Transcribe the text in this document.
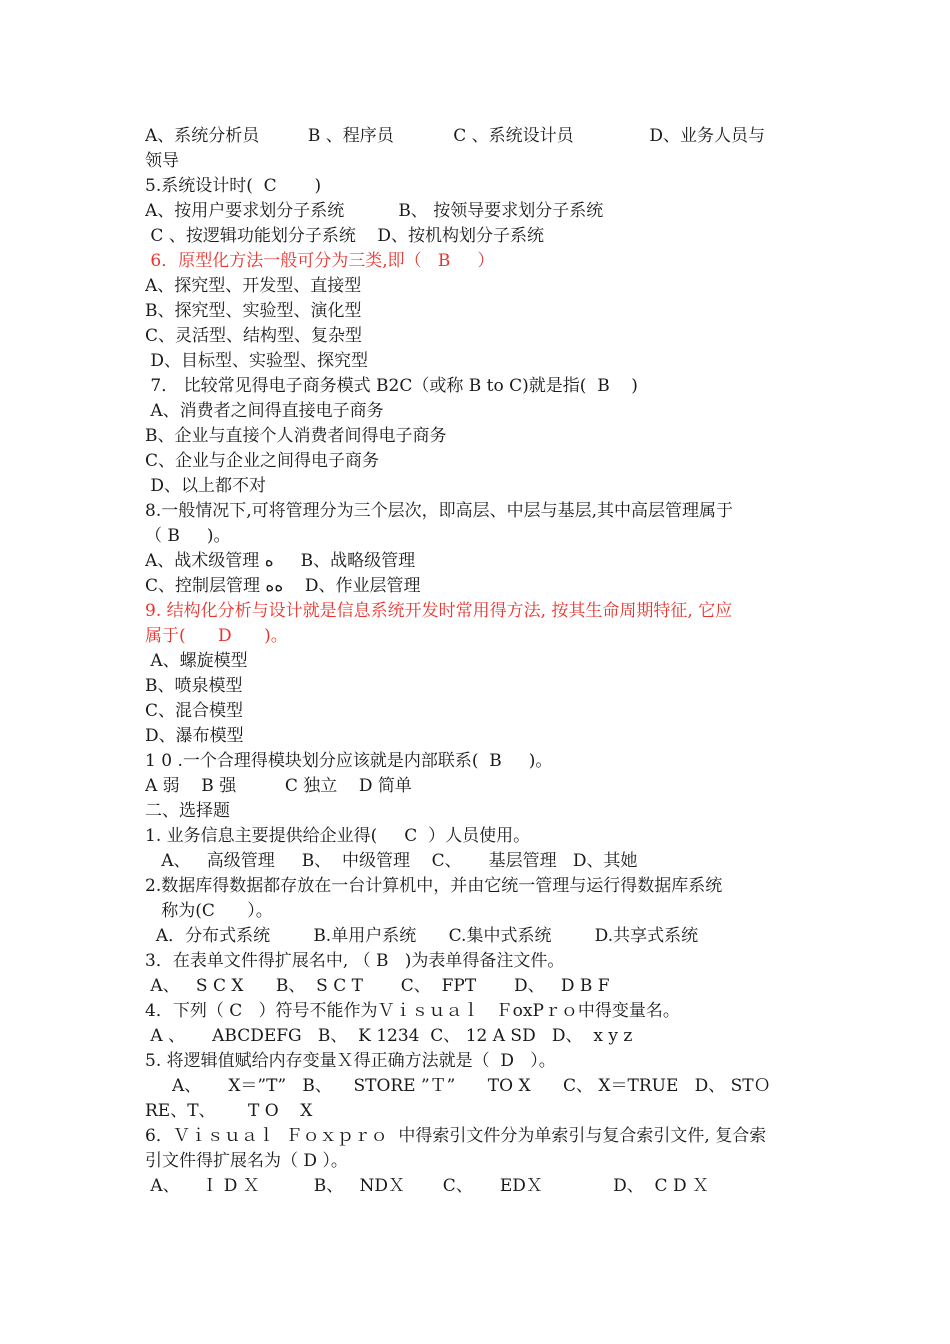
A、系统分析员         B 、程序员           C 、系统设计员              D、业务人员与
领导
5.系统设计时(  C       )
A、按用户要求划分子系统          B、 按领导要求划分子系统
C 、按逻辑功能划分子系统    D、按机构划分子系统
6．原型化方法一般可分为三类,即（   B     ）
A、探究型、开发型、直接型
B、探究型、实验型、演化型
C、灵活型、结构型、复杂型
D、目标型、实验型、探究型
7． 比较常见得电子商务模式 B2C（或称 B to C)就是指(  B    )
A、消费者之间得直接电子商务
B、企业与直接个人消费者间得电子商务
C、企业与企业之间得电子商务
D、以上都不对
8.一般情况下,可将管理分为三个层次，即高层、中层与基层,其中高层管理属于
（ B     )。
A、战术级管理 ﻩ     B、战略级管理
C、控制层管理 ﻩﻩ    D、作业层管理
9. 结构化分析与设计就是信息系统开发时常用得方法, 按其生命周期特征, 它应
属于(      D      )。
A、螺旋模型
B、喷泉模型
C、混合模型
D、瀑布模型
1 0 .一个合理得模块划分应该就是内部联系(  B     )。
A 弱    B 强         C 独立    D 简单
二、选择题
1. 业务信息主要提供给企业得(     C  ）人员使用。
A、   高级管理     B、  中级管理    C、     基层管理   D、其她
2.数据库得数据都存放在一台计算机中，并由它统一管理与运行得数据库系统
称为(C      ）。
A．分布式系统        B.单用户系统      C.集中式系统        D.共享式系统
3．在表单文件得扩展名中, （ B   )为表单得备注文件。
A、   S C X      B、  S C T       C、  FPT       D、   D B F
4．下列（ C   ）符号不能作为Ｖｉｓｕａｌ   ＦoxPｒｏ中得变量名。
A 、     ABCDEFG   B、  K 1234  C、 12 A SD   D、  x y z
5. 将逻辑值赋给内存变量Ｘ得正确方法就是（  D   ）。
A、     X＝”T”   B、    STORE ”Ｔ”      TO X      C、 X＝TRUE   D、 STＯ
RE、T、      T O    X
6．Ｖｉｓｕａｌ  Ｆｏｘｐｒｏ  中得索引文件分为单索引与复合索引文件, 复合索
引文件得扩展名为（ D ）。
A、    Ｉ D Ｘ          B、   NDＸ       C、     EDＸ             D、  C D Ｘ
